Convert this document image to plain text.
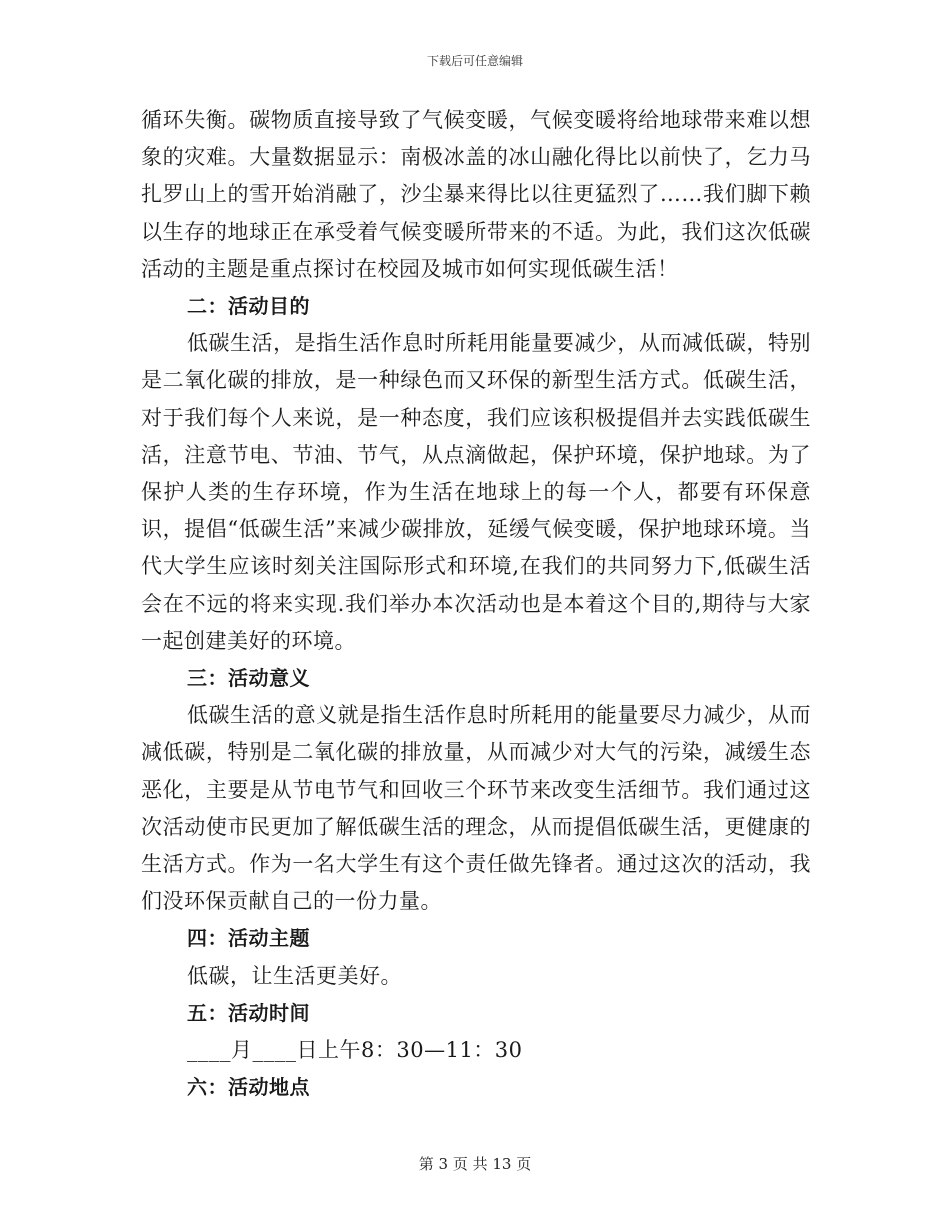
下载后可任意编辑

循环失衡。碳物质直接导致了气候变暖，气候变暖将给地球带来难以想象的灾难。大量数据显示：南极冰盖的冰山融化得比以前快了，乞力马扎罗山上的雪开始消融了，沙尘暴来得比以往更猛烈了……我们脚下赖以生存的地球正在承受着气候变暖所带来的不适。为此，我们这次低碳活动的主题是重点探讨在校园及城市如何实现低碳生活！

二：活动目的

低碳生活，是指生活作息时所耗用能量要减少，从而减低碳，特别是二氧化碳的排放，是一种绿色而又环保的新型生活方式。低碳生活，对于我们每个人来说，是一种态度，我们应该积极提倡并去实践低碳生活，注意节电、节油、节气，从点滴做起，保护环境，保护地球。为了保护人类的生存环境，作为生活在地球上的每一个人，都要有环保意识，提倡“低碳生活”来减少碳排放，延缓气候变暖，保护地球环境。当代大学生应该时刻关注国际形式和环境,在我们的共同努力下,低碳生活会在不远的将来实现.我们举办本次活动也是本着这个目的,期待与大家一起创建美好的环境。

三：活动意义

低碳生活的意义就是指生活作息时所耗用的能量要尽力减少，从而减低碳，特别是二氧化碳的排放量，从而减少对大气的污染，减缓生态恶化，主要是从节电节气和回收三个环节来改变生活细节。我们通过这次活动使市民更加了解低碳生活的理念，从而提倡低碳生活，更健康的生活方式。作为一名大学生有这个责任做先锋者。通过这次的活动，我们没环保贡献自己的一份力量。

四：活动主题

低碳，让生活更美好。

五：活动时间

____月____日上午8：30—11：30

六：活动地点
第 3 页 共 13 页
